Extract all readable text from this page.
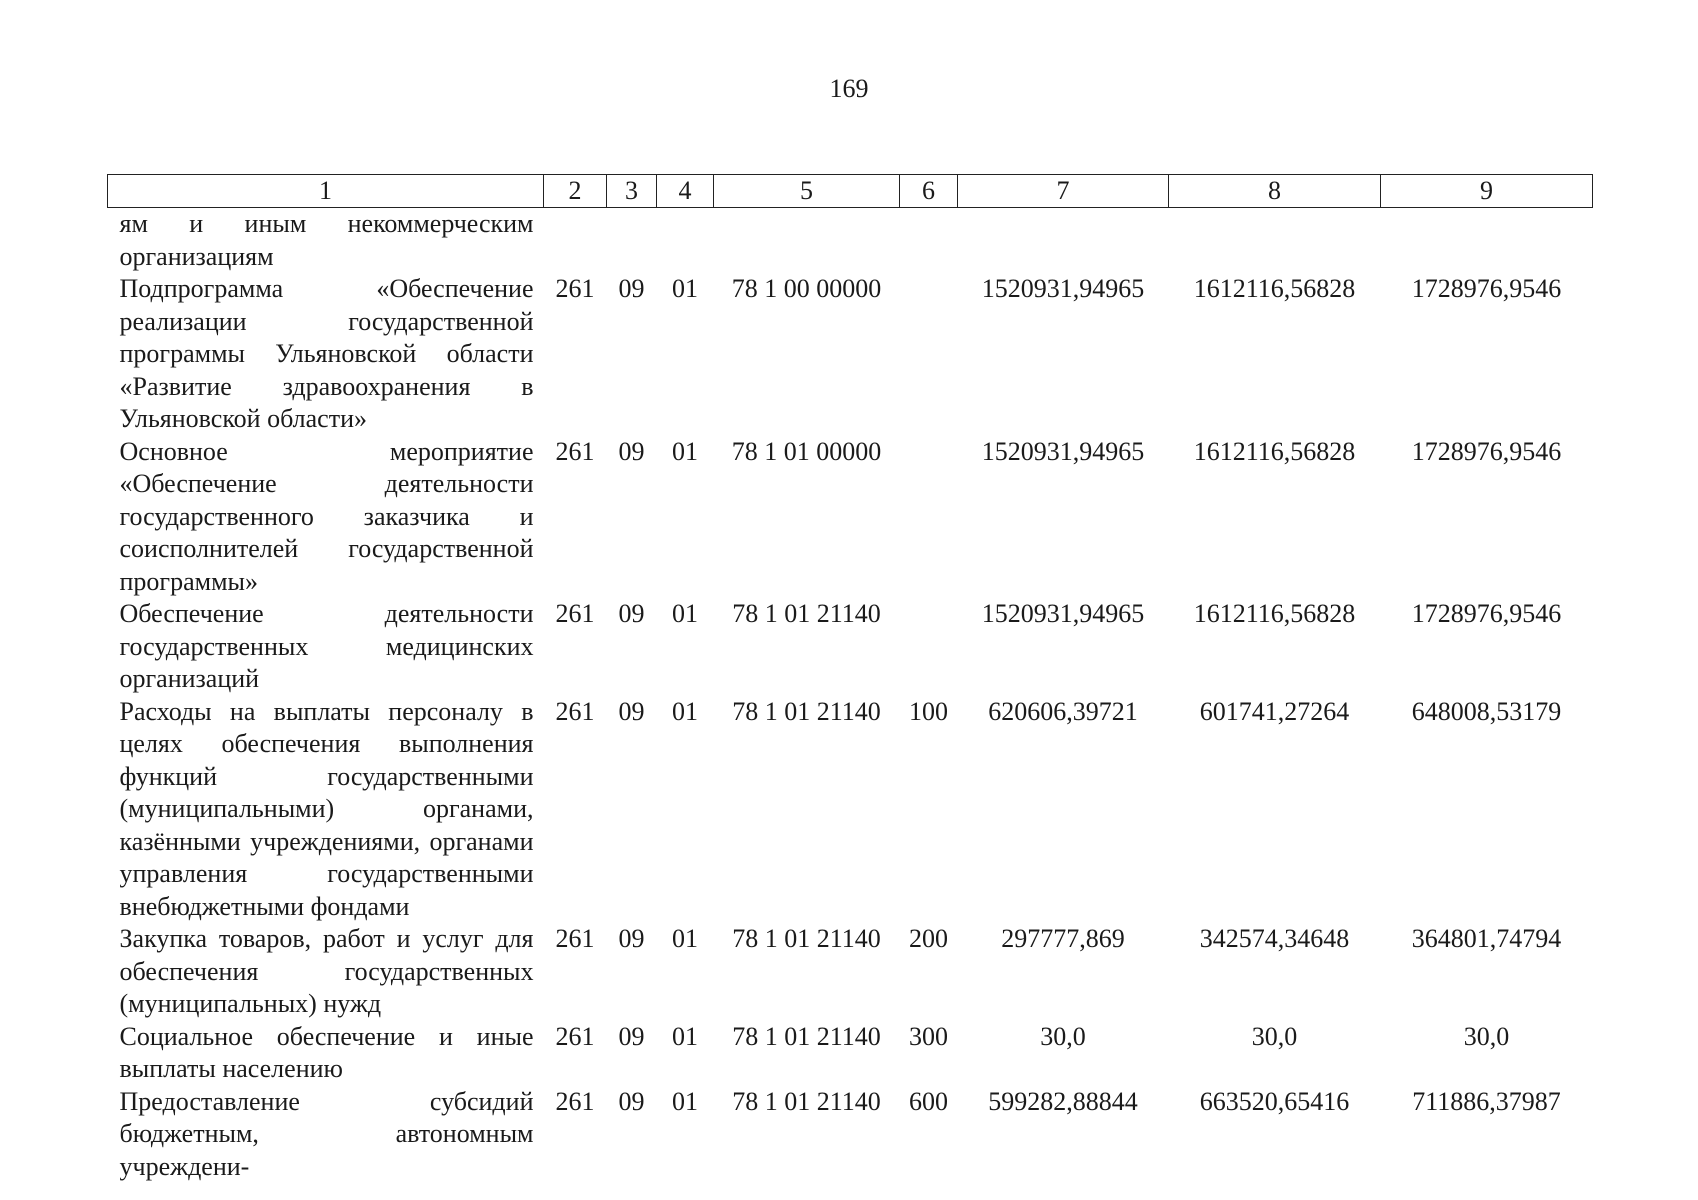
169
1	2	3	4	5	6	7	8	9
ям и иным некоммерческим организациям								
Подпрограмма «Обеспечение реализации государственной программы Ульяновской области «Развитие здравоохранения в Ульяновской области»	261	09	01	78 1 00 00000		1520931,94965	1612116,56828	1728976,9546
Основное мероприятие «Обеспечение деятельности государственного заказчика и соисполнителей государственной программы»	261	09	01	78 1 01 00000		1520931,94965	1612116,56828	1728976,9546
Обеспечение деятельности государственных медицинских организаций	261	09	01	78 1 01 21140		1520931,94965	1612116,56828	1728976,9546
Расходы на выплаты персоналу в целях обеспечения выполнения функций государственными (муниципальными) органами, казёнными учреждениями, органами управления государственными внебюджетными фондами	261	09	01	78 1 01 21140	100	620606,39721	601741,27264	648008,53179
Закупка товаров, работ и услуг для обеспечения государственных (муниципальных) нужд	261	09	01	78 1 01 21140	200	297777,869	342574,34648	364801,74794
Социальное обеспечение и иные выплаты населению	261	09	01	78 1 01 21140	300	30,0	30,0	30,0
Предоставление субсидий бюджетным, автономным учреждени-	261	09	01	78 1 01 21140	600	599282,88844	663520,65416	711886,37987
